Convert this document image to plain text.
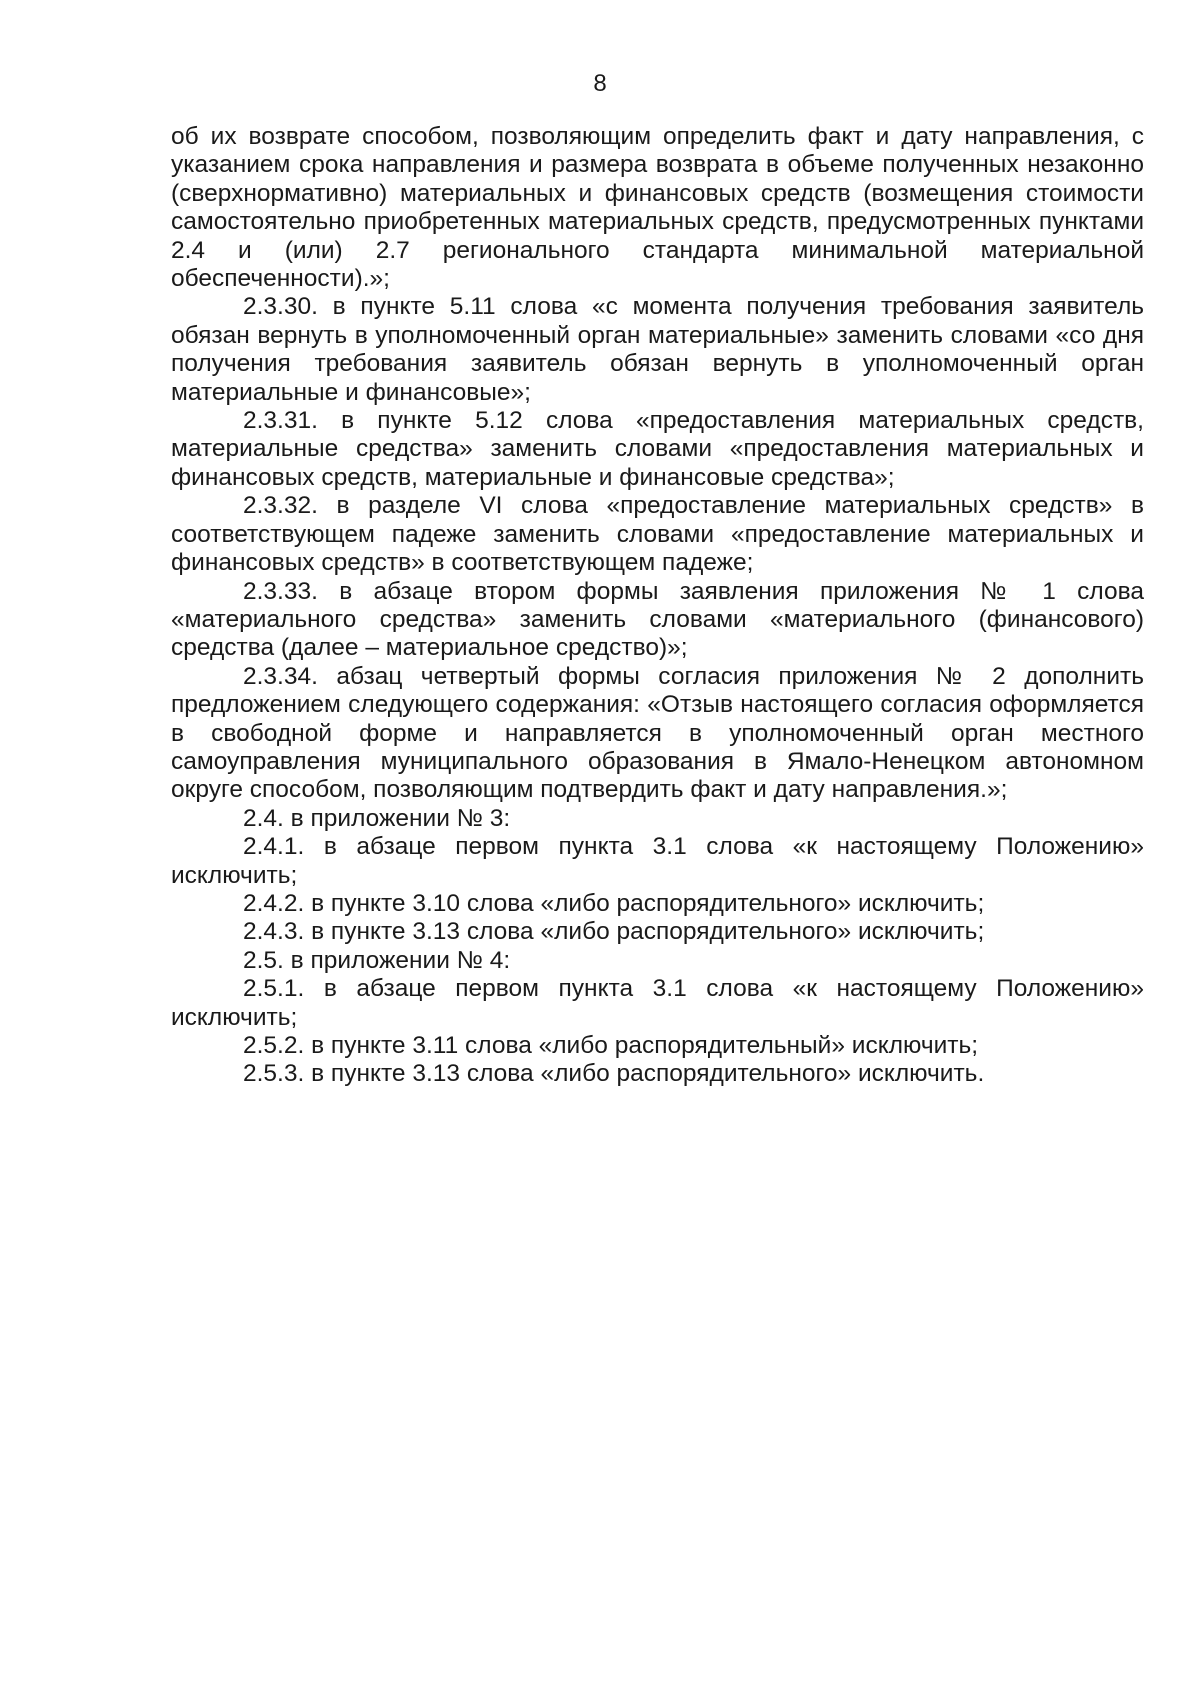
8

об их возврате способом, позволяющим определить факт и дату направления, с указанием срока направления и размера возврата в объеме полученных незаконно (сверхнормативно) материальных и финансовых средств (возмещения стоимости самостоятельно приобретенных материальных средств, предусмотренных пунктами 2.4 и (или) 2.7 регионального стандарта минимальной материальной обеспеченности).»;

2.3.30. в пункте 5.11 слова «с момента получения требования заявитель обязан вернуть в уполномоченный орган материальные» заменить словами «со дня получения требования заявитель обязан вернуть в уполномоченный орган материальные и финансовые»;

2.3.31. в пункте 5.12 слова «предоставления материальных средств, материальные средства» заменить словами «предоставления материальных и финансовых средств, материальные и финансовые средства»;

2.3.32. в разделе VI слова «предоставление материальных средств» в соответствующем падеже заменить словами «предоставление материальных и финансовых средств» в соответствующем падеже;

2.3.33. в абзаце втором формы заявления приложения № 1 слова «материального средства» заменить словами «материального (финансового) средства (далее – материальное средство)»;

2.3.34. абзац четвертый формы согласия приложения № 2 дополнить предложением следующего содержания: «Отзыв настоящего согласия оформляется в свободной форме и направляется в уполномоченный орган местного самоуправления муниципального образования в Ямало-Ненецком автономном округе способом, позволяющим подтвердить факт и дату направления.»;

2.4. в приложении № 3:

2.4.1. в абзаце первом пункта 3.1 слова «к настоящему Положению» исключить;

2.4.2. в пункте 3.10 слова «либо распорядительного» исключить;

2.4.3. в пункте 3.13 слова «либо распорядительного» исключить;

2.5. в приложении № 4:

2.5.1. в абзаце первом пункта 3.1 слова «к настоящему Положению» исключить;

2.5.2. в пункте 3.11 слова «либо распорядительный» исключить;

2.5.3. в пункте 3.13 слова «либо распорядительного» исключить.
